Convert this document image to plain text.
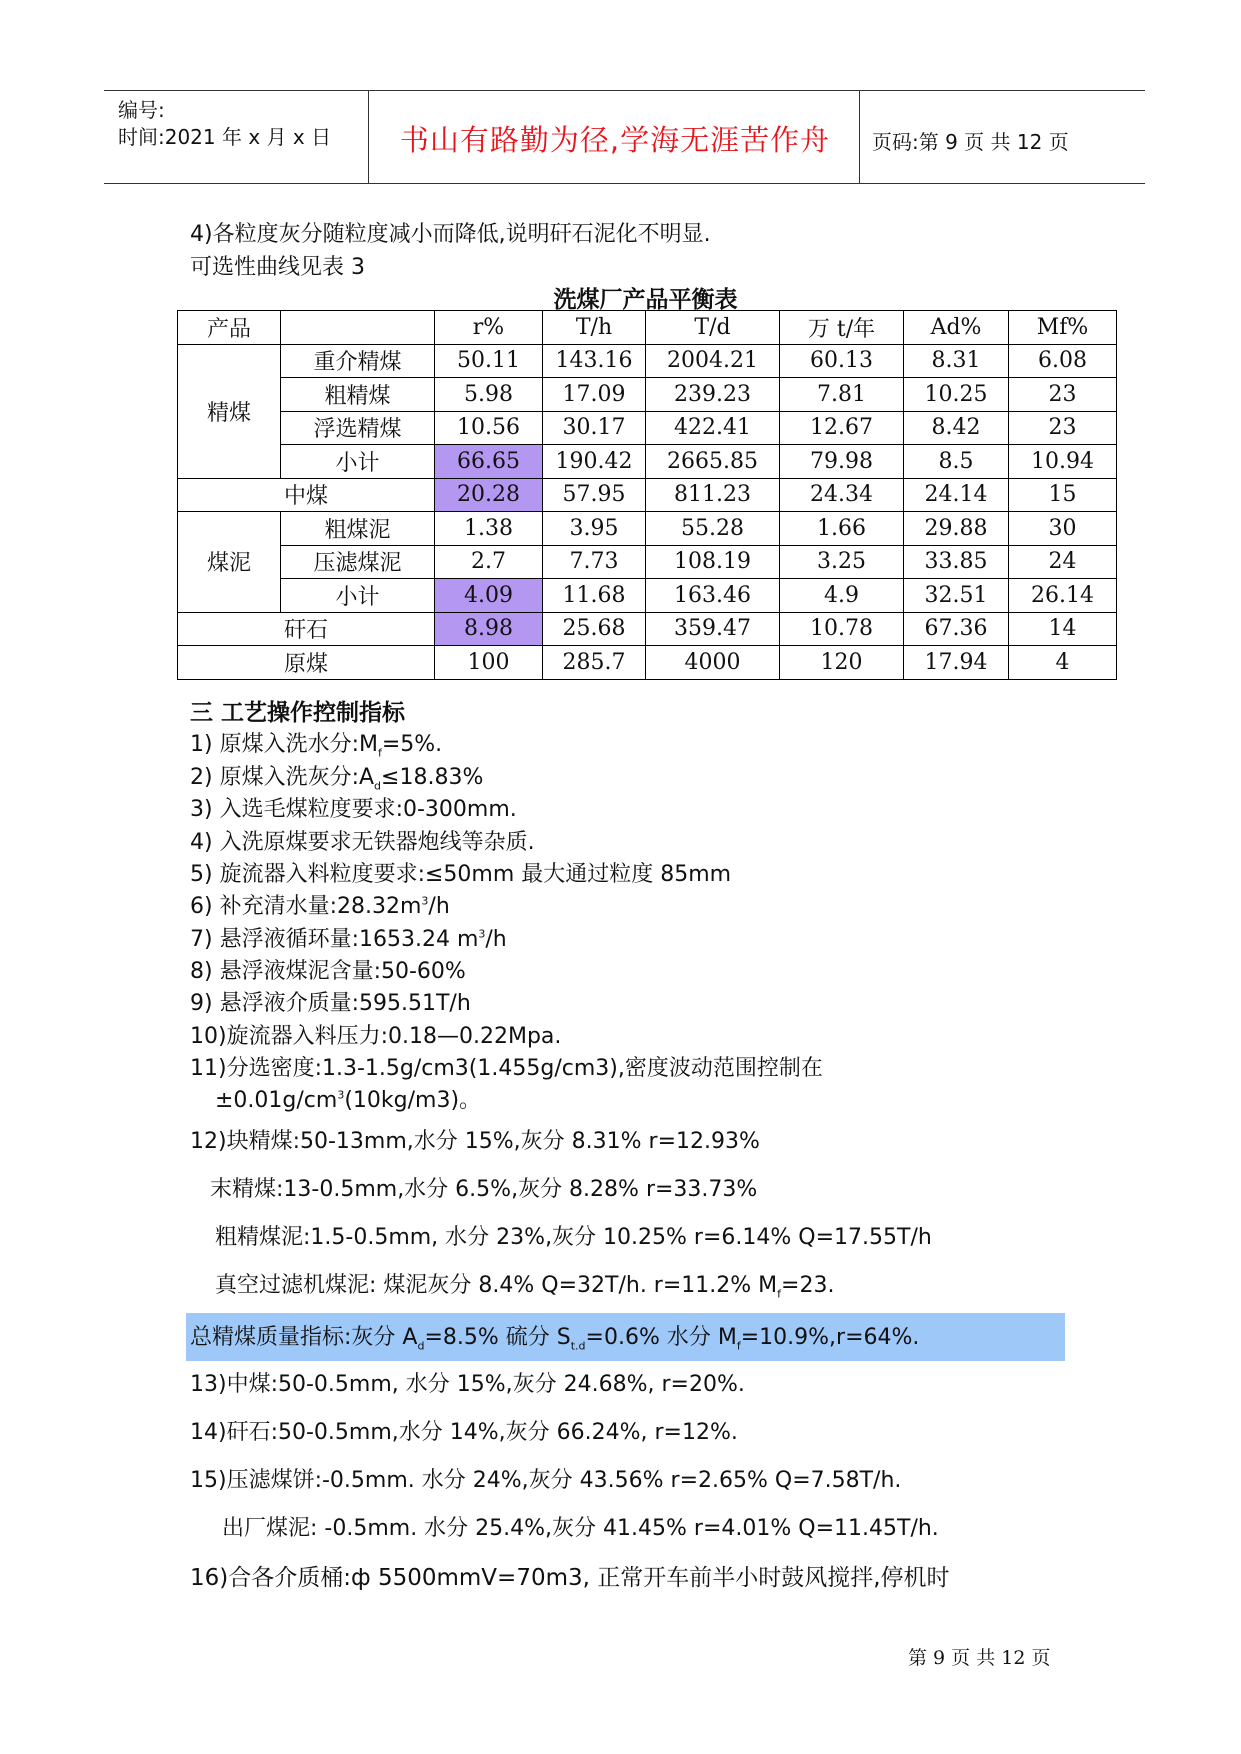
编号:
时间:2021 年 x 月 x 日	书山有路勤为径,学海无涯苦作舟	页码:第 9 页 共 12 页
4)各粒度灰分随粒度减小而降低,说明矸石泥化不明显.
可选性曲线见表 3
洗煤厂产品平衡表
产品		r%	T/h	T/d	万 t/年	Ad%	Mf%
精煤	重介精煤	50.11	143.16	2004.21	60.13	8.31	6.08
	粗精煤	5.98	17.09	239.23	7.81	10.25	23
	浮选精煤	10.56	30.17	422.41	12.67	8.42	23
	小计	66.65	190.42	2665.85	79.98	8.5	10.94
中煤		20.28	57.95	811.23	24.34	24.14	15
煤泥	粗煤泥	1.38	3.95	55.28	1.66	29.88	30
	压滤煤泥	2.7	7.73	108.19	3.25	33.85	24
	小计	4.09	11.68	163.46	4.9	32.51	26.14
矸石		8.98	25.68	359.47	10.78	67.36	14
原煤		100	285.7	4000	120	17.94	4
三 工艺操作控制指标
1) 原煤入洗水分$:M_f=5\%$.
2) 原煤入洗灰分$:A_d\le 18.83\%$
3) 入选毛煤粒度要求:0-300mm.
4) 入洗原煤要求无铁器炮线等杂质.
5) 旋流器入料粒度要求:≤50mm 最大通过粒度 85mm
6) 补充清水量$:28.32m^3/h$
7) 悬浮液循环量:1653.24 $m^3/h$
8) 悬浮液煤泥含量:50-60%
9) 悬浮液介质量:595.51T/h
10)旋流器入料压力:0.18—0.22Mpa.
11)分选密度:1.3-1.5g/cm3(1.455g/cm3),密度波动范围控制在
$\pm 0.01g/cm^3(10kg/m3)$。
12)块精煤:50-13mm,水分 15%,灰分 8.31% r=12.93%
末精煤:13-0.5mm,水分 6.5%,灰分 8.28% r=33.73%
粗精煤泥:1.5-0.5mm, 水分 23%,灰分 10.25% r=6.14% Q=17.55T/h
真空过滤机煤泥: 煤泥灰分 8.4% Q=32T/h. r=11.2% $M_f=23$.
总精煤质量指标:灰分 $A_d=8.5\%$ 硫分 $S_{t.d}=0.6\%$ 水分 $M_f=10.9\%,r=64\%$.
13)中煤:50-0.5mm, 水分 15%,灰分 24.68%, r=20%.
14)矸石:50-0.5mm,水分 14%,灰分 66.24%, r=12%.
15)压滤煤饼:-0.5mm. 水分 24%,灰分 43.56% r=2.65% Q=7.58T/h.
出厂煤泥: -0.5mm. 水分 25.4%,灰分 41.45% r=4.01% Q=11.45T/h.
16)合各介质桶:ф 5500mmV=70m3, 正常开车前半小时鼓风搅拌,停机时
第 9 页 共 12 页
